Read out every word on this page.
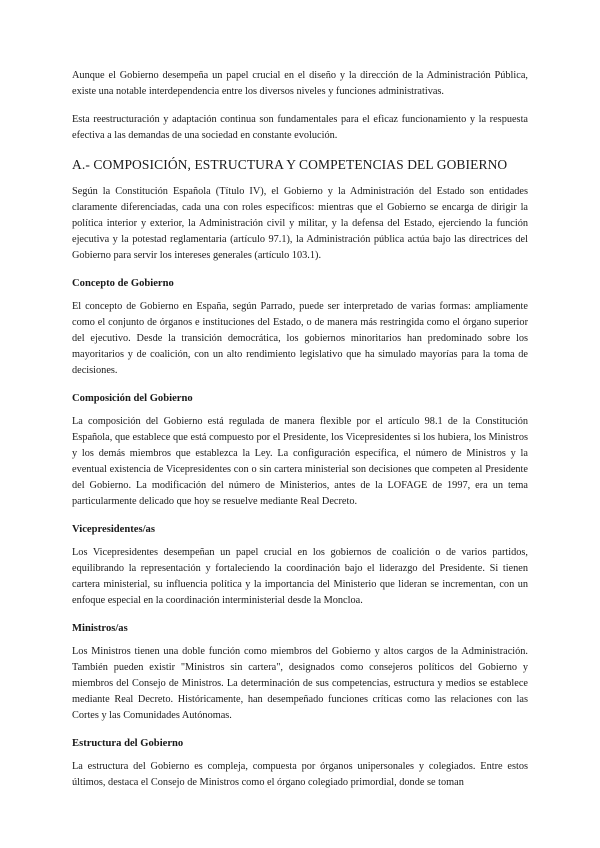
Aunque el Gobierno desempeña un papel crucial en el diseño y la dirección de la Administración Pública, existe una notable interdependencia entre los diversos niveles y funciones administrativas.

Esta reestructuración y adaptación continua son fundamentales para el eficaz funcionamiento y la respuesta efectiva a las demandas de una sociedad en constante evolución.

A.- COMPOSICIÓN, ESTRUCTURA Y COMPETENCIAS DEL GOBIERNO

Según la Constitución Española (Título IV), el Gobierno y la Administración del Estado son entidades claramente diferenciadas, cada una con roles específicos: mientras que el Gobierno se encarga de dirigir la política interior y exterior, la Administración civil y militar, y la defensa del Estado, ejerciendo la función ejecutiva y la potestad reglamentaria (artículo 97.1), la Administración pública actúa bajo las directrices del Gobierno para servir los intereses generales (artículo 103.1).

Concepto de Gobierno

El concepto de Gobierno en España, según Parrado, puede ser interpretado de varias formas: ampliamente como el conjunto de órganos e instituciones del Estado, o de manera más restringida como el órgano superior del ejecutivo. Desde la transición democrática, los gobiernos minoritarios han predominado sobre los mayoritarios y de coalición, con un alto rendimiento legislativo que ha simulado mayorías para la toma de decisiones.

Composición del Gobierno

La composición del Gobierno está regulada de manera flexible por el artículo 98.1 de la Constitución Española, que establece que está compuesto por el Presidente, los Vicepresidentes si los hubiera, los Ministros y los demás miembros que establezca la Ley. La configuración específica, el número de Ministros y la eventual existencia de Vicepresidentes con o sin cartera ministerial son decisiones que competen al Presidente del Gobierno. La modificación del número de Ministerios, antes de la LOFAGE de 1997, era un tema particularmente delicado que hoy se resuelve mediante Real Decreto.

Vicepresidentes/as

Los Vicepresidentes desempeñan un papel crucial en los gobiernos de coalición o de varios partidos, equilibrando la representación y fortaleciendo la coordinación bajo el liderazgo del Presidente. Si tienen cartera ministerial, su influencia política y la importancia del Ministerio que lideran se incrementan, con un enfoque especial en la coordinación interministerial desde la Moncloa.

Ministros/as

Los Ministros tienen una doble función como miembros del Gobierno y altos cargos de la Administración. También pueden existir "Ministros sin cartera", designados como consejeros políticos del Gobierno y miembros del Consejo de Ministros. La determinación de sus competencias, estructura y medios se establece mediante Real Decreto. Históricamente, han desempeñado funciones críticas como las relaciones con las Cortes y las Comunidades Autónomas.

Estructura del Gobierno

La estructura del Gobierno es compleja, compuesta por órganos unipersonales y colegiados. Entre estos últimos, destaca el Consejo de Ministros como el órgano colegiado primordial, donde se toman
